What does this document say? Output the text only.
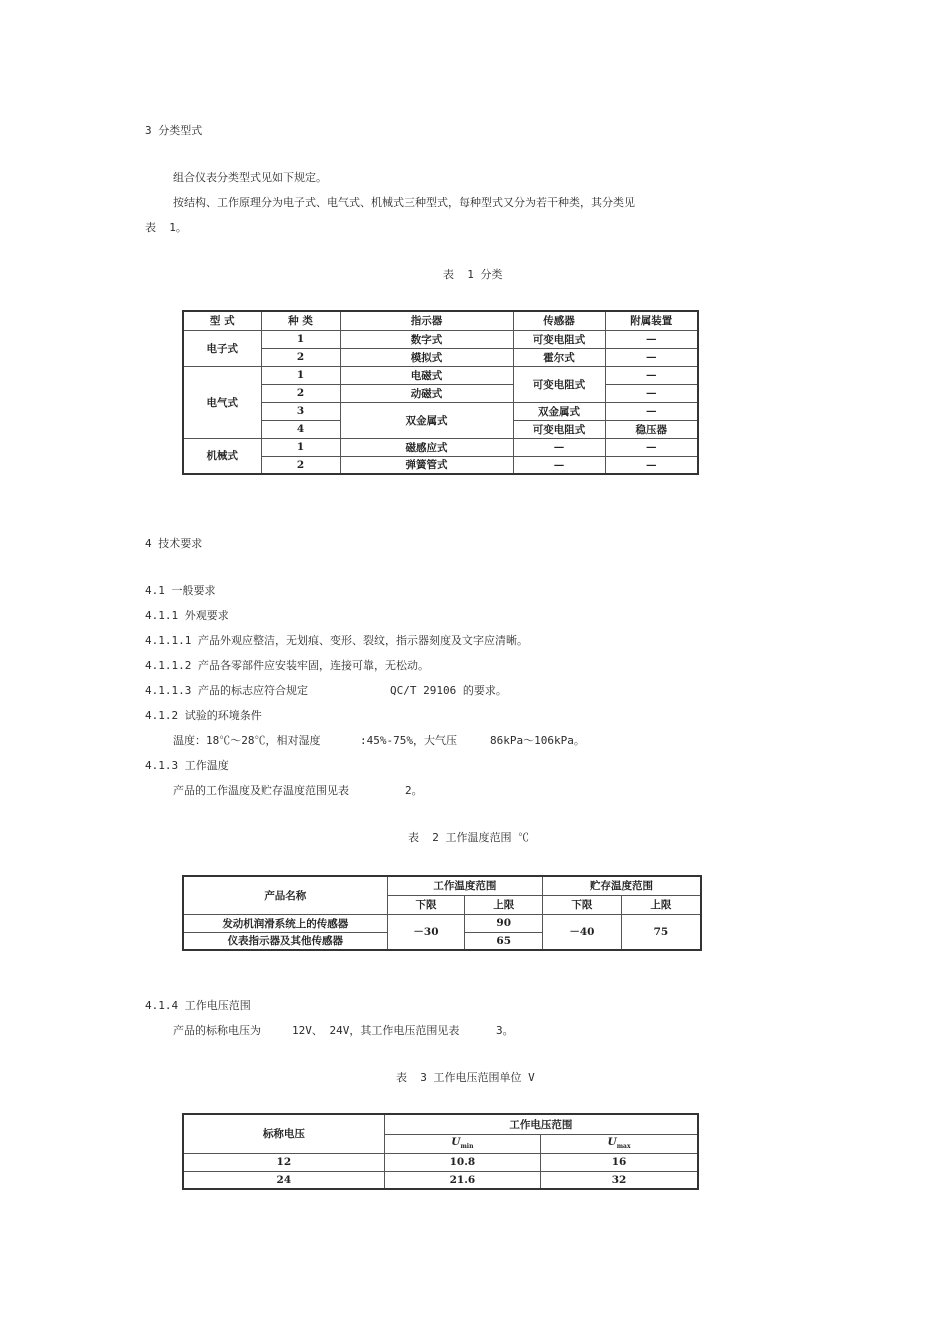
3 分类型式
组合仪表分类型式见如下规定。
按结构、工作原理分为电子式、电气式、机械式三种型式，每种型式又分为若干种类，其分类见
表  1。
表  1 分类
型 式	种 类	指示器	传感器	附属装置
电子式	1	数字式	可变电阻式	—
	2	模拟式	霍尔式	—
电气式	1	电磁式	可变电阻式	—
	2	动磁式		—
	3	双金属式	双金属式	—
	4		可变电阻式	稳压器
机械式	1	磁感应式	—	—
	2	弹簧管式	—	—
4 技术要求
4.1 一般要求
4.1.1 外观要求
4.1.1.1 产品外观应整洁，无划痕、变形、裂纹，指示器刻度及文字应清晰。
4.1.1.2 产品各零部件应安装牢固，连接可靠，无松动。
4.1.1.3 产品的标志应符合规定	QC/T 29106 的要求。
4.1.2 试验的环境条件
温度：18℃～28℃，相对湿度	:45%-75%，大气压	86kPa～106kPa。
4.1.3 工作温度
产品的工作温度及贮存温度范围见表	2。
表  2 工作温度范围 ℃
产品名称	工作温度范围		贮存温度范围	
	下限	上限	下限	上限
发动机润滑系统上的传感器	－30	90	－40	75
仪表指示器及其他传感器		65		
4.1.4 工作电压范围
产品的标称电压为	12V、 24V，其工作电压范围见表	3。
表  3 工作电压范围单位 V
标称电压	工作电压范围	
	$U_{min}$	$U_{max}$
12	10.8	16
24	21.6	32
